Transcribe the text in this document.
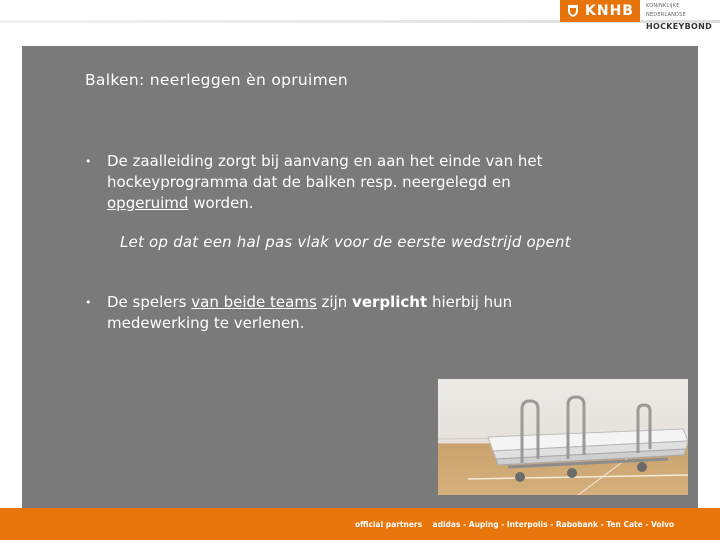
KNHB KONINKLIJKE NEDERLANDSE
HOCKEYBOND
Balken: neerleggen èn opruimen
• De zaalleiding zorgt bij aanvang en aan het einde van het
hockeyprogramma dat de balken resp. neergelegd en
opgeruimd worden.
Let op dat een hal pas vlak voor de eerste wedstrijd opent
• De spelers van beide teams zijn verplicht hierbij hun
medewerking te verlenen.
official partners adidas - Auping - Interpolis - Rabobank - Ten Cate - Volvo
